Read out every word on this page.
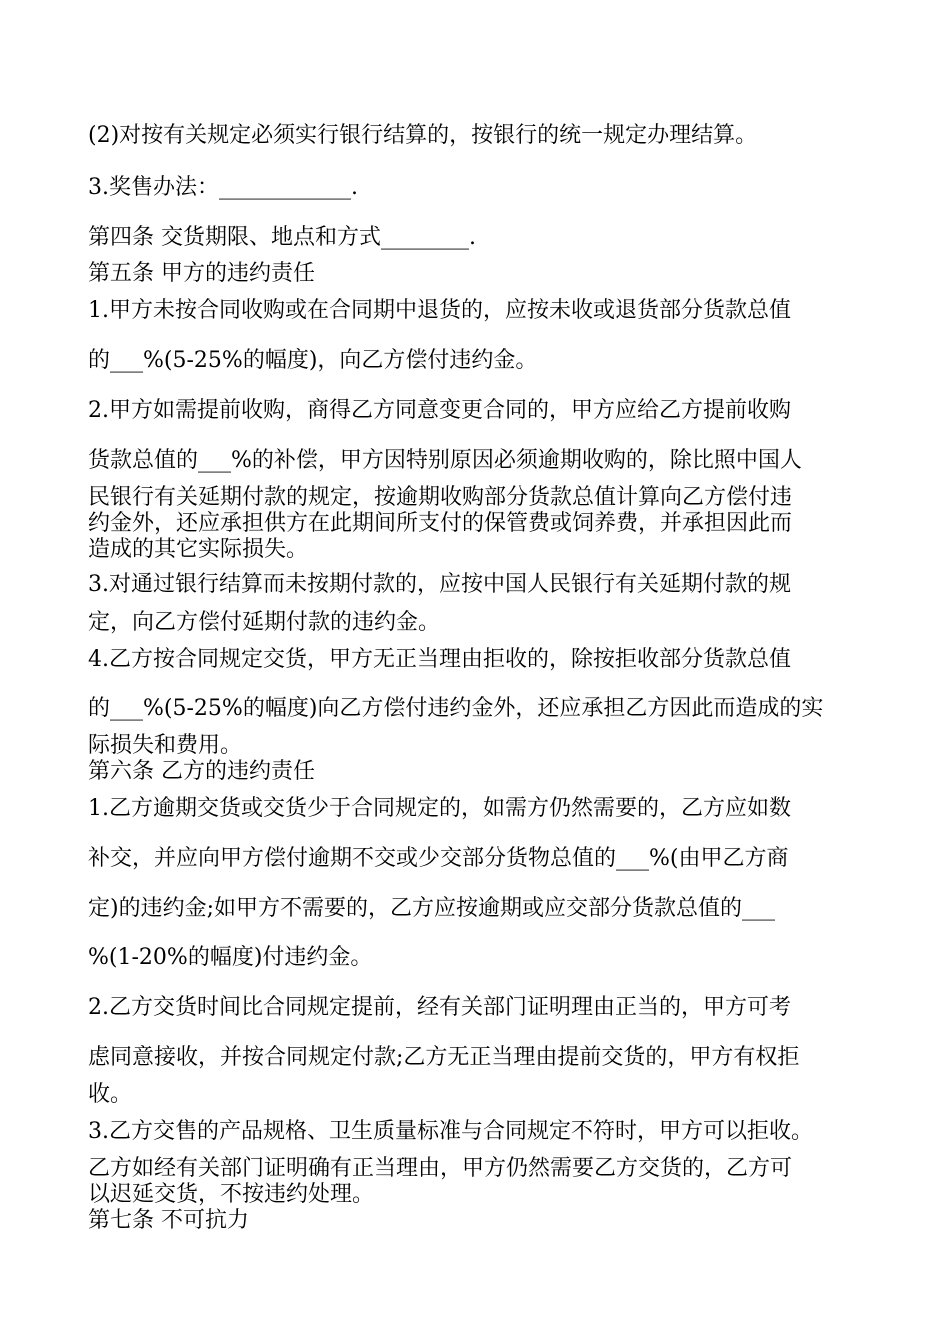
(2)对按有关规定必须实行银行结算的，按银行的统一规定办理结算。
3.奖售办法：____________.
第四条 交货期限、地点和方式________.
第五条 甲方的违约责任
1.甲方未按合同收购或在合同期中退货的，应按未收或退货部分货款总值
的___%(5-25%的幅度)，向乙方偿付违约金。
2.甲方如需提前收购，商得乙方同意变更合同的，甲方应给乙方提前收购
货款总值的___%的补偿，甲方因特别原因必须逾期收购的，除比照中国人
民银行有关延期付款的规定，按逾期收购部分货款总值计算向乙方偿付违
约金外，还应承担供方在此期间所支付的保管费或饲养费，并承担因此而
造成的其它实际损失。
3.对通过银行结算而未按期付款的，应按中国人民银行有关延期付款的规
定，向乙方偿付延期付款的违约金。
4.乙方按合同规定交货，甲方无正当理由拒收的，除按拒收部分货款总值
的___%(5-25%的幅度)向乙方偿付违约金外，还应承担乙方因此而造成的实
际损失和费用。
第六条 乙方的违约责任
1.乙方逾期交货或交货少于合同规定的，如需方仍然需要的，乙方应如数
补交，并应向甲方偿付逾期不交或少交部分货物总值的___%(由甲乙方商
定)的违约金;如甲方不需要的，乙方应按逾期或应交部分货款总值的___
%(1-20%的幅度)付违约金。
2.乙方交货时间比合同规定提前，经有关部门证明理由正当的，甲方可考
虑同意接收，并按合同规定付款;乙方无正当理由提前交货的，甲方有权拒
收。
3.乙方交售的产品规格、卫生质量标准与合同规定不符时，甲方可以拒收。
乙方如经有关部门证明确有正当理由，甲方仍然需要乙方交货的，乙方可
以迟延交货，不按违约处理。
第七条 不可抗力
